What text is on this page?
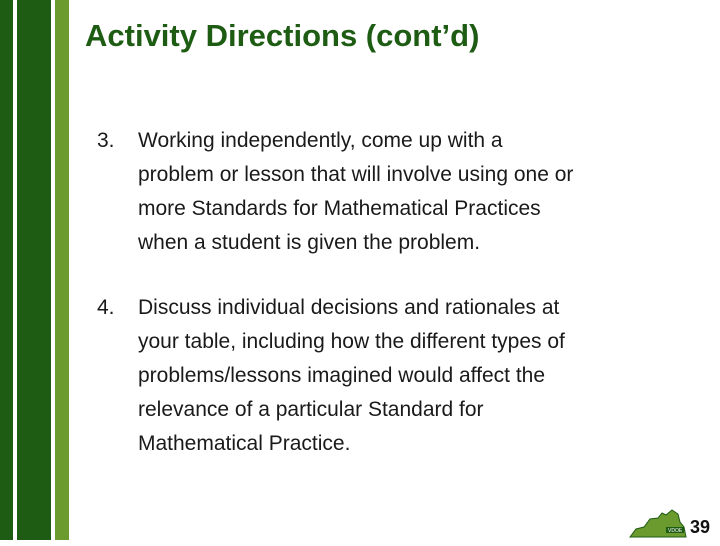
Activity Directions (cont’d)
3.	Working independently, come up with a
problem or lesson that will involve using one or
more Standards for Mathematical Practices
when a student is given the problem.
4.	Discuss individual decisions and rationales at
your table, including how the different types of
problems/lessons imagined would affect the
relevance of a particular Standard for
Mathematical Practice.
VDOE 39
